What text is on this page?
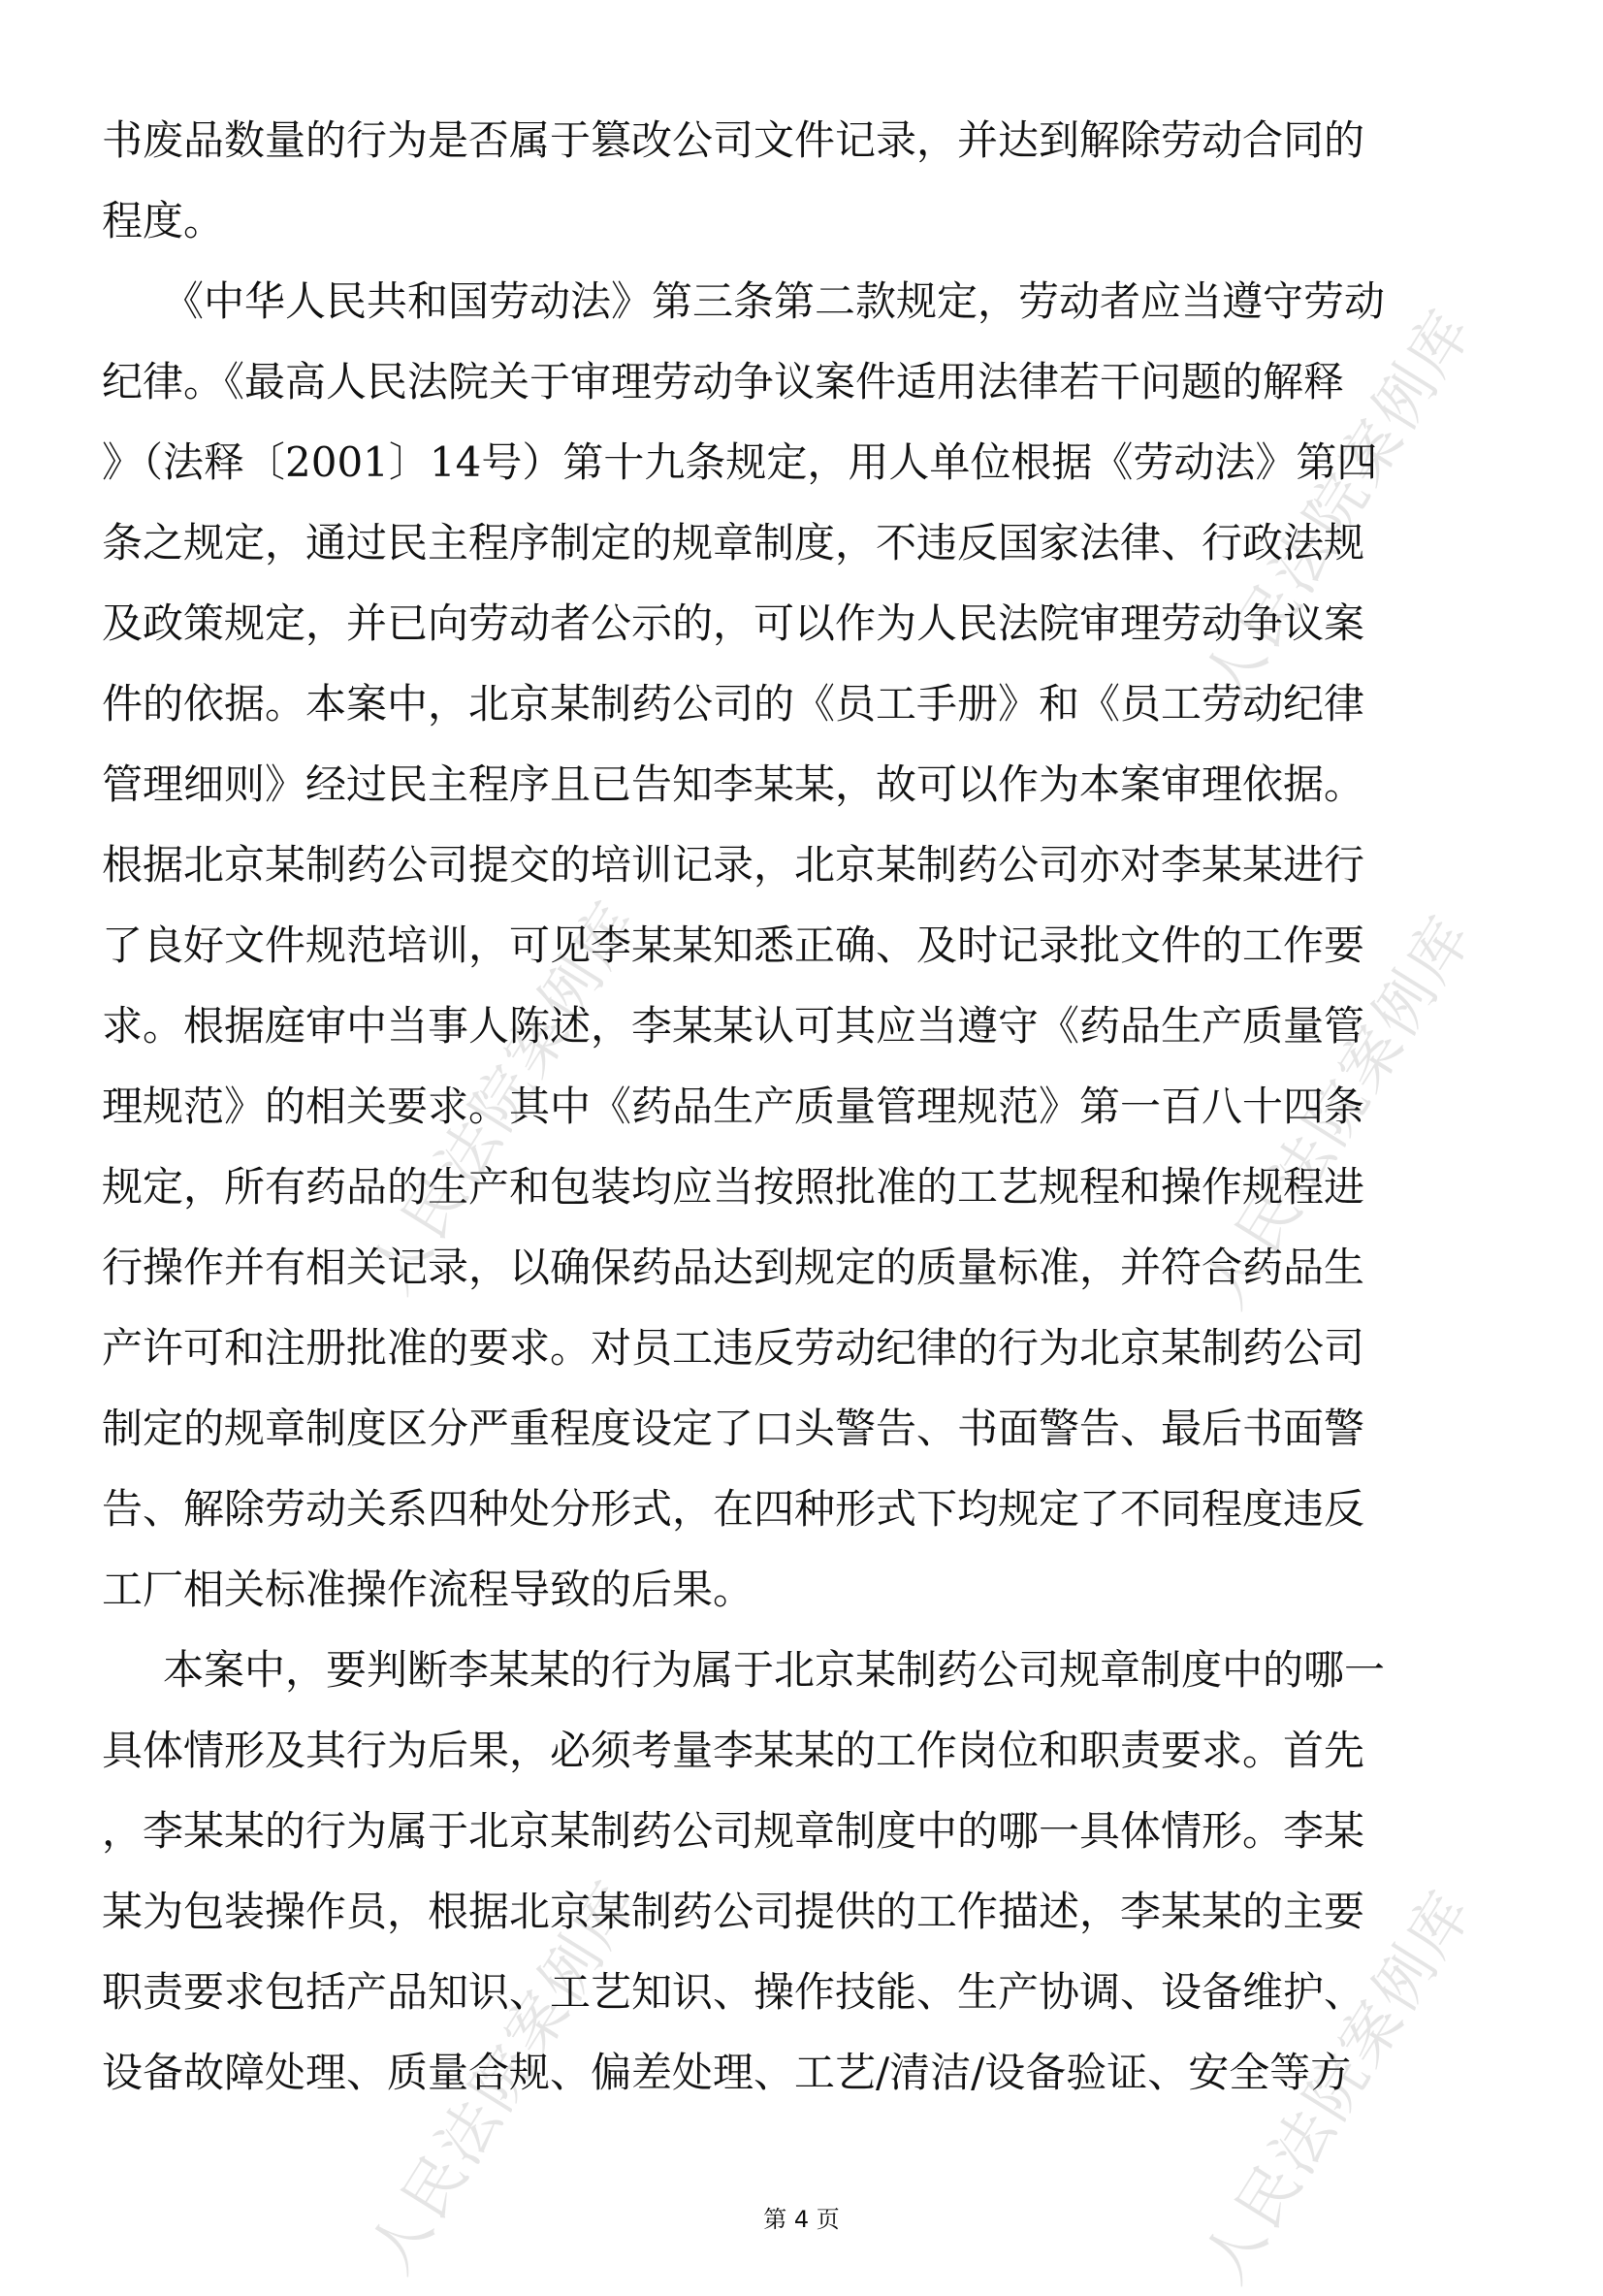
人民法院案例库
人民法院案例库	人民法院案例库
人民法院案例库	人民法院案例库
书废品数量的行为是否属于篡改公司文件记录，并达到解除劳动合同的
程度。
《中华人民共和国劳动法》第三条第二款规定，劳动者应当遵守劳动
纪律。《最高人民法院关于审理劳动争议案件适用法律若干问题的解释
》（法释〔2001〕14号）第十九条规定，用人单位根据《劳动法》第四
条之规定，通过民主程序制定的规章制度，不违反国家法律、行政法规
及政策规定，并已向劳动者公示的，可以作为人民法院审理劳动争议案
件的依据。本案中，北京某制药公司的《员工手册》和《员工劳动纪律
管理细则》经过民主程序且已告知李某某，故可以作为本案审理依据。
根据北京某制药公司提交的培训记录，北京某制药公司亦对李某某进行
了良好文件规范培训，可见李某某知悉正确、及时记录批文件的工作要
求。根据庭审中当事人陈述，李某某认可其应当遵守《药品生产质量管
理规范》的相关要求。其中《药品生产质量管理规范》第一百八十四条
规定，所有药品的生产和包装均应当按照批准的工艺规程和操作规程进
行操作并有相关记录，以确保药品达到规定的质量标准，并符合药品生
产许可和注册批准的要求。对员工违反劳动纪律的行为北京某制药公司
制定的规章制度区分严重程度设定了口头警告、书面警告、最后书面警
告、解除劳动关系四种处分形式，在四种形式下均规定了不同程度违反
工厂相关标准操作流程导致的后果。
本案中，要判断李某某的行为属于北京某制药公司规章制度中的哪一
具体情形及其行为后果，必须考量李某某的工作岗位和职责要求。首先
，李某某的行为属于北京某制药公司规章制度中的哪一具体情形。李某
某为包装操作员，根据北京某制药公司提供的工作描述，李某某的主要
职责要求包括产品知识、工艺知识、操作技能、生产协调、设备维护、
设备故障处理、质量合规、偏差处理、工艺/清洁/设备验证、安全等方
第 4 页
